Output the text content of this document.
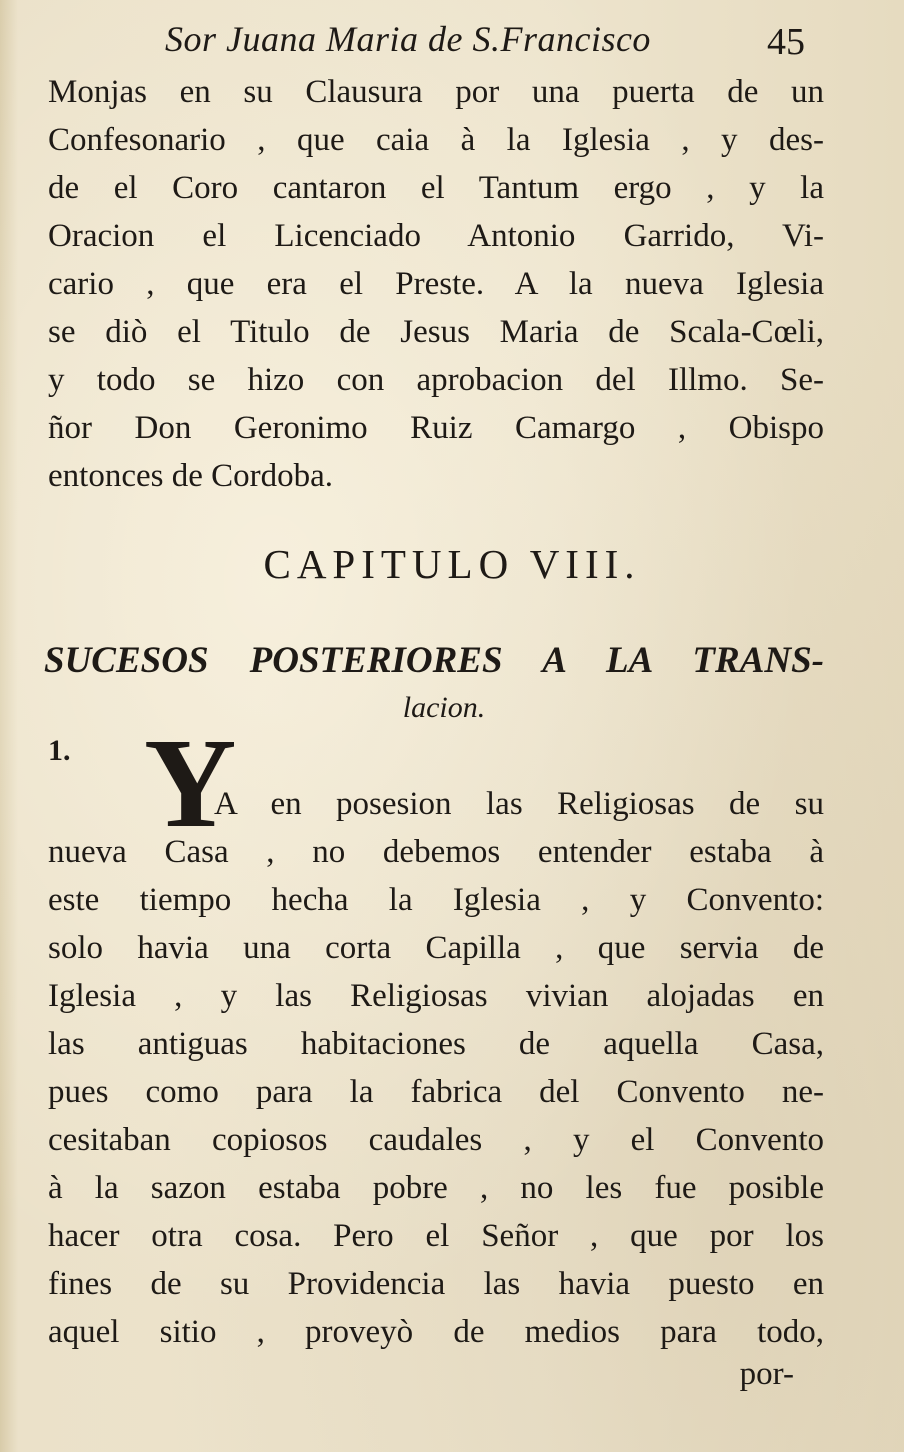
Sor Juana Maria de S.Francisco	45
Monjas en su Clausura por una puerta de un
Confesonario , que caia à la Iglesia , y des-
de el Coro cantaron el Tantum ergo , y la
Oracion el Licenciado Antonio Garrido, Vi-
cario , que era el Preste. A la nueva Iglesia
se diò el Titulo de Jesus Maria de Scala-Cœli,
y todo se hizo con aprobacion del Illmo. Se-
ñor Don Geronimo Ruiz Camargo , Obispo
entonces de Cordoba.
CAPITULO VIII.
SUCESOS POSTERIORES A LA TRANS-
lacion.
1. Y
A en posesion las Religiosas de su
nueva Casa , no debemos entender estaba à
este tiempo hecha la Iglesia , y Convento:
solo havia una corta Capilla , que servia de
Iglesia , y las Religiosas vivian alojadas en
las antiguas habitaciones de aquella Casa,
pues como para la fabrica del Convento ne-
cesitaban copiosos caudales , y el Convento
à la sazon estaba pobre , no les fue posible
hacer otra cosa. Pero el Señor , que por los
fines de su Providencia las havia puesto en
aquel sitio , proveyò de medios para todo,
por-
